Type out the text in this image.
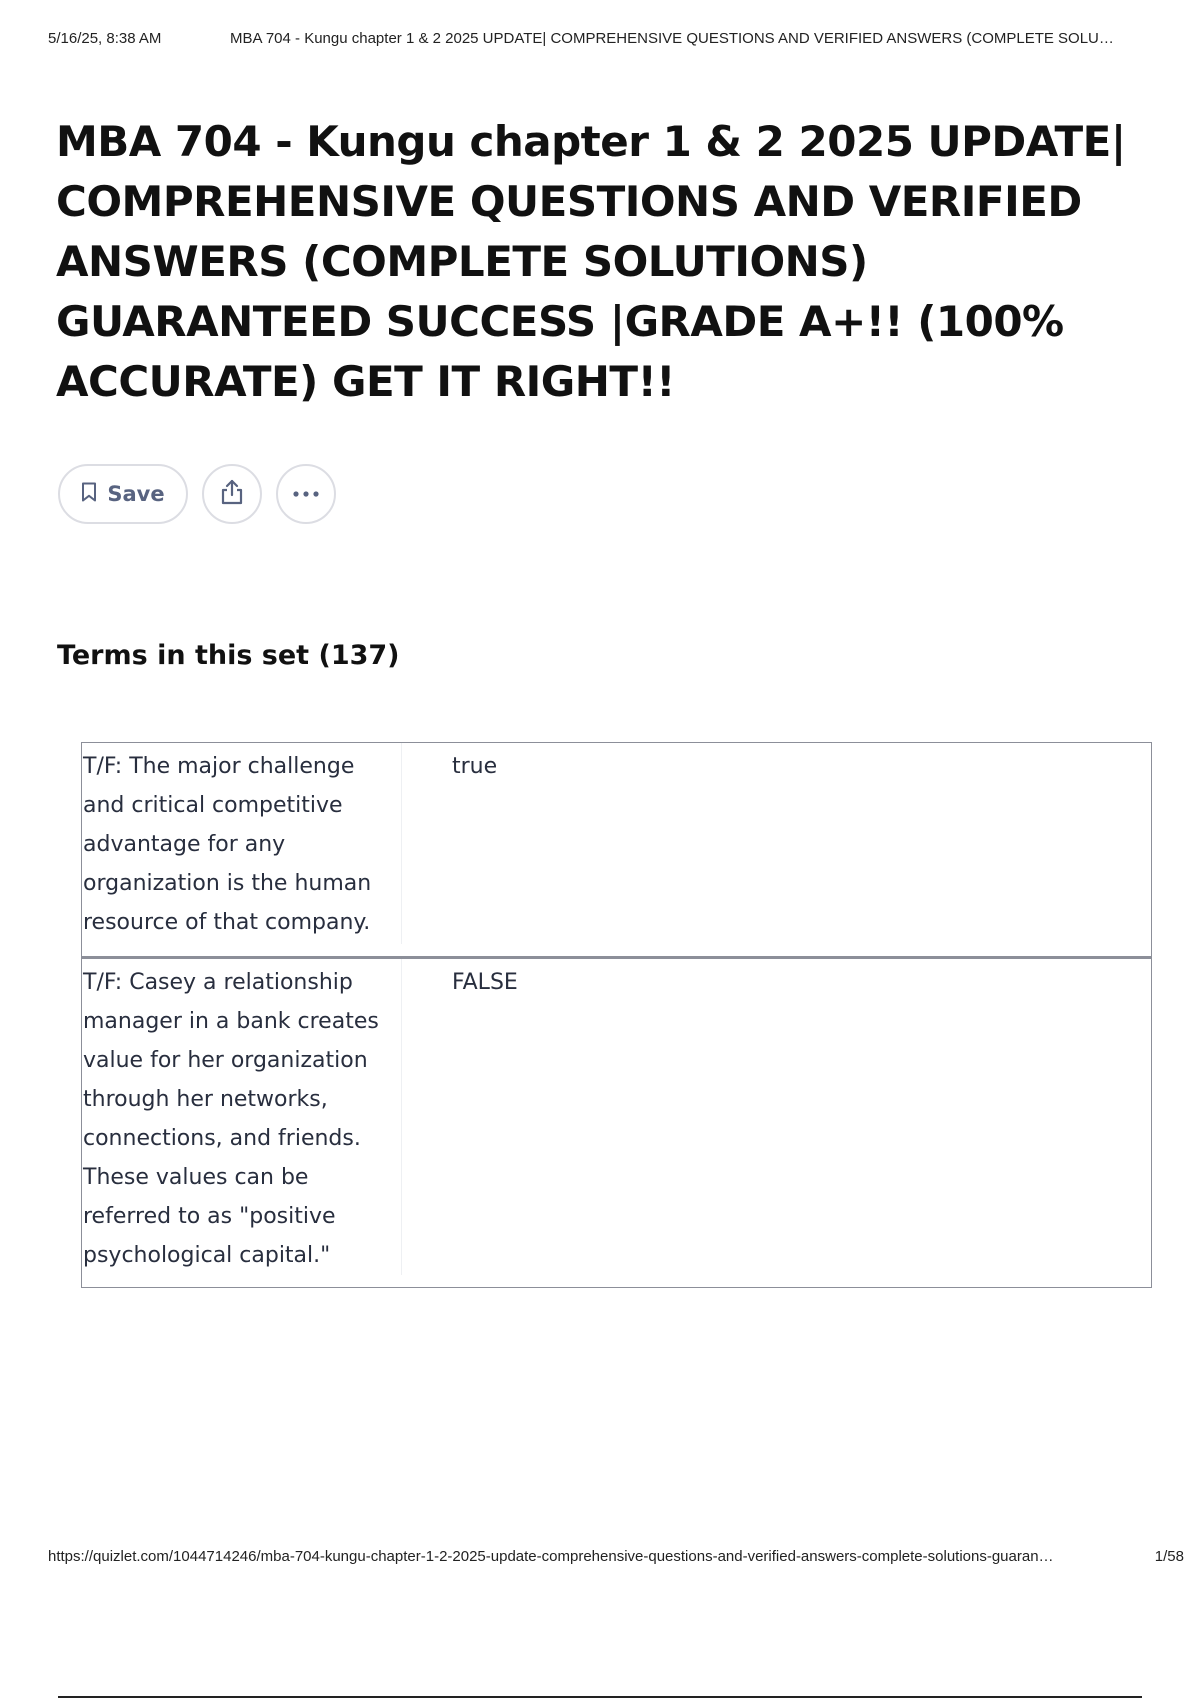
5/16/25, 8:38 AM	MBA 704 - Kungu chapter 1 & 2 2025 UPDATE| COMPREHENSIVE QUESTIONS AND VERIFIED ANSWERS (COMPLETE SOLU…
MBA 704 - Kungu chapter 1 & 2 2025 UPDATE| COMPREHENSIVE QUESTIONS AND VERIFIED ANSWERS (COMPLETE SOLUTIONS) GUARANTEED SUCCESS |GRADE A+!! (100% ACCURATE) GET IT RIGHT!!
Save
Terms in this set (137)
T/F: The major challenge and critical competitive advantage for any organization is the human resource of that company.
true
T/F: Casey a relationship manager in a bank creates value for her organization through her networks, connections, and friends. These values can be referred to as "positive psychological capital."
FALSE
https://quizlet.com/1044714246/mba-704-kungu-chapter-1-2-2025-update-comprehensive-questions-and-verified-answers-complete-solutions-guaran…	1/58
